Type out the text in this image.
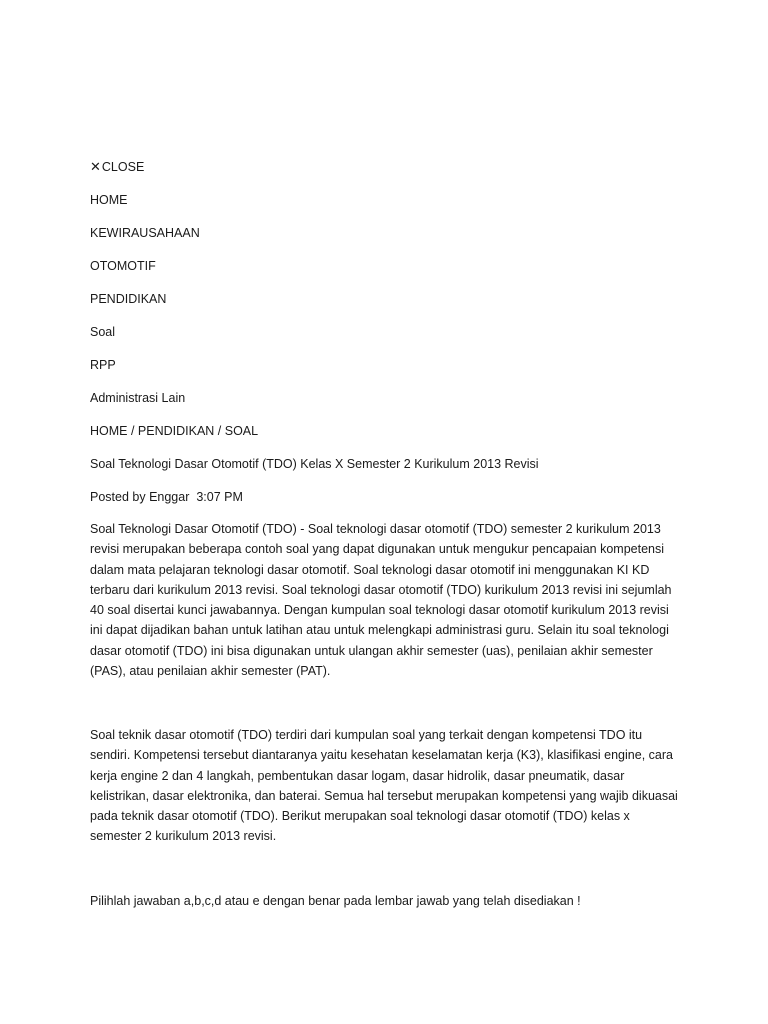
✕CLOSE
HOME
KEWIRAUSAHAAN
OTOMOTIF
PENDIDIKAN
Soal
RPP
Administrasi Lain
HOME / PENDIDIKAN / SOAL
Soal Teknologi Dasar Otomotif (TDO) Kelas X Semester 2 Kurikulum 2013 Revisi
Posted by Enggar  3:07 PM
Soal Teknologi Dasar Otomotif (TDO) - Soal teknologi dasar otomotif (TDO) semester 2 kurikulum 2013 revisi merupakan beberapa contoh soal yang dapat digunakan untuk mengukur pencapaian kompetensi dalam mata pelajaran teknologi dasar otomotif. Soal teknologi dasar otomotif ini menggunakan KI KD terbaru dari kurikulum 2013 revisi. Soal teknologi dasar otomotif (TDO) kurikulum 2013 revisi ini sejumlah 40 soal disertai kunci jawabannya. Dengan kumpulan soal teknologi dasar otomotif kurikulum 2013 revisi ini dapat dijadikan bahan untuk latihan atau untuk melengkapi administrasi guru. Selain itu soal teknologi dasar otomotif (TDO) ini bisa digunakan untuk ulangan akhir semester (uas), penilaian akhir semester (PAS), atau penilaian akhir semester (PAT).
Soal teknik dasar otomotif (TDO) terdiri dari kumpulan soal yang terkait dengan kompetensi TDO itu sendiri. Kompetensi tersebut diantaranya yaitu kesehatan keselamatan kerja (K3), klasifikasi engine, cara kerja engine 2 dan 4 langkah, pembentukan dasar logam, dasar hidrolik, dasar pneumatik, dasar kelistrikan, dasar elektronika, dan baterai. Semua hal tersebut merupakan kompetensi yang wajib dikuasai pada teknik dasar otomotif (TDO). Berikut merupakan soal teknologi dasar otomotif (TDO) kelas x semester 2 kurikulum 2013 revisi.
Pilihlah jawaban a,b,c,d atau e dengan benar pada lembar jawab yang telah disediakan !
